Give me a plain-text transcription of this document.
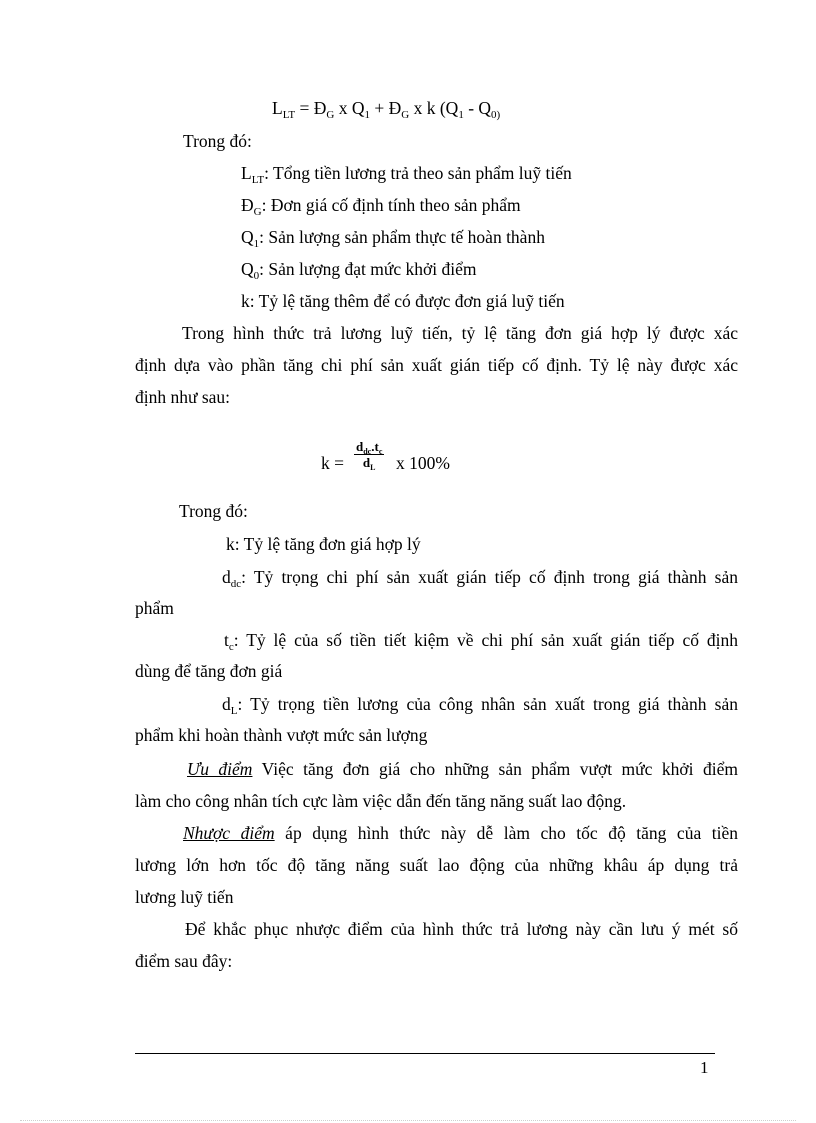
$L_{LT}$ = $Đ_G$ x $Q_1$ + $Đ_G$ x k ($Q_1 - Q_{0)}$
Trong đó:
$L_{LT}$: Tổng tiền lương trả theo sản phẩm luỹ tiến
$Đ_G$: Đơn giá cố định tính theo sản phẩm
$Q_1$: Sản lượng sản phẩm thực tế hoàn thành
$Q_0$: Sản lượng đạt mức khởi điểm
k: Tỷ lệ tăng thêm để có được đơn giá luỹ tiến
Trong hình thức trả lương luỹ tiến, tỷ lệ tăng đơn giá hợp lý được xác
định dựa vào phần tăng chi phí sản xuất gián tiếp cố định. Tỷ lệ này được xác
định như sau:
k =
$d_{dc}.t_c$
$d_L$	x 100%
Trong đó:
k: Tỷ lệ tăng đơn giá hợp lý
$d_{dc}$: Tỷ trọng chi phí sản xuất gián tiếp cố định trong giá thành sản
phẩm
$t_c$: Tỷ lệ của số tiền tiết kiệm về chi phí sản xuất gián tiếp cố định
dùng để tăng đơn giá
$d_L$: Tỷ trọng tiền lương của công nhân sản xuất trong giá thành sản
phẩm khi hoàn thành vượt mức sản lượng
Ưu điểm Việc tăng đơn giá cho những sản phẩm vượt mức khởi điểm
làm cho công nhân tích cực làm việc dẫn đến tăng năng suất lao động.
Nhược điểm áp dụng hình thức này dễ làm cho tốc độ tăng của tiền
lương lớn hơn tốc độ tăng năng suất lao động của những khâu áp dụng trả
lương luỹ tiến
Để khắc phục nhược điểm của hình thức trả lương này cần lưu ý mét số
điểm sau đây:
1
